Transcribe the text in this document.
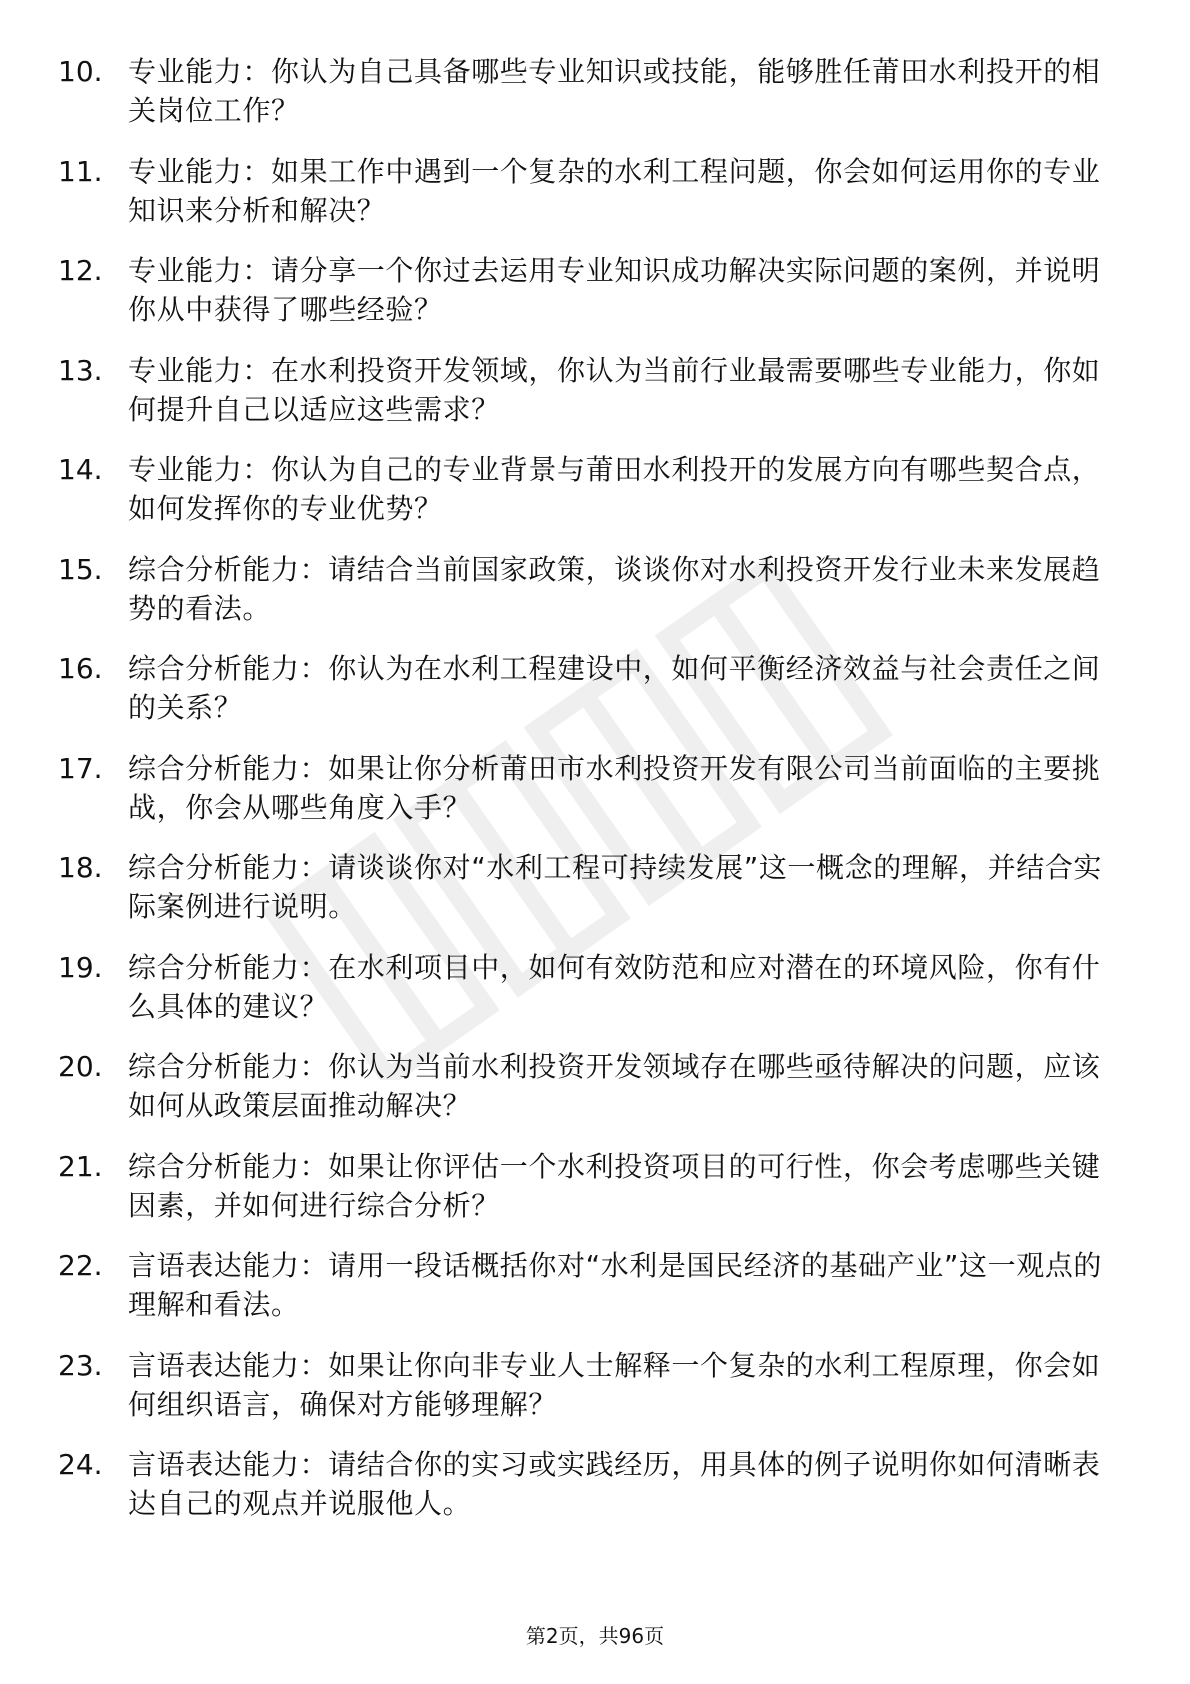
10. 专业能力：你认为自己具备哪些专业知识或技能，能够胜任莆田水利投开的相关岗位工作？
11. 专业能力：如果工作中遇到一个复杂的水利工程问题，你会如何运用你的专业知识来分析和解决？
12. 专业能力：请分享一个你过去运用专业知识成功解决实际问题的案例，并说明你从中获得了哪些经验？
13. 专业能力：在水利投资开发领域，你认为当前行业最需要哪些专业能力，你如何提升自己以适应这些需求？
14. 专业能力：你认为自己的专业背景与莆田水利投开的发展方向有哪些契合点，如何发挥你的专业优势？
15. 综合分析能力：请结合当前国家政策，谈谈你对水利投资开发行业未来发展趋势的看法。
16. 综合分析能力：你认为在水利工程建设中，如何平衡经济效益与社会责任之间的关系？
17. 综合分析能力：如果让你分析莆田市水利投资开发有限公司当前面临的主要挑战，你会从哪些角度入手？
18. 综合分析能力：请谈谈你对“水利工程可持续发展”这一概念的理解，并结合实际案例进行说明。
19. 综合分析能力：在水利项目中，如何有效防范和应对潜在的环境风险，你有什么具体的建议？
20. 综合分析能力：你认为当前水利投资开发领域存在哪些亟待解决的问题，应该如何从政策层面推动解决？
21. 综合分析能力：如果让你评估一个水利投资项目的可行性，你会考虑哪些关键因素，并如何进行综合分析？
22. 言语表达能力：请用一段话概括你对“水利是国民经济的基础产业”这一观点的理解和看法。
23. 言语表达能力：如果让你向非专业人士解释一个复杂的水利工程原理，你会如何组织语言，确保对方能够理解？
24. 言语表达能力：请结合你的实习或实践经历，用具体的例子说明你如何清晰表达自己的观点并说服他人。
第2页，共96页
